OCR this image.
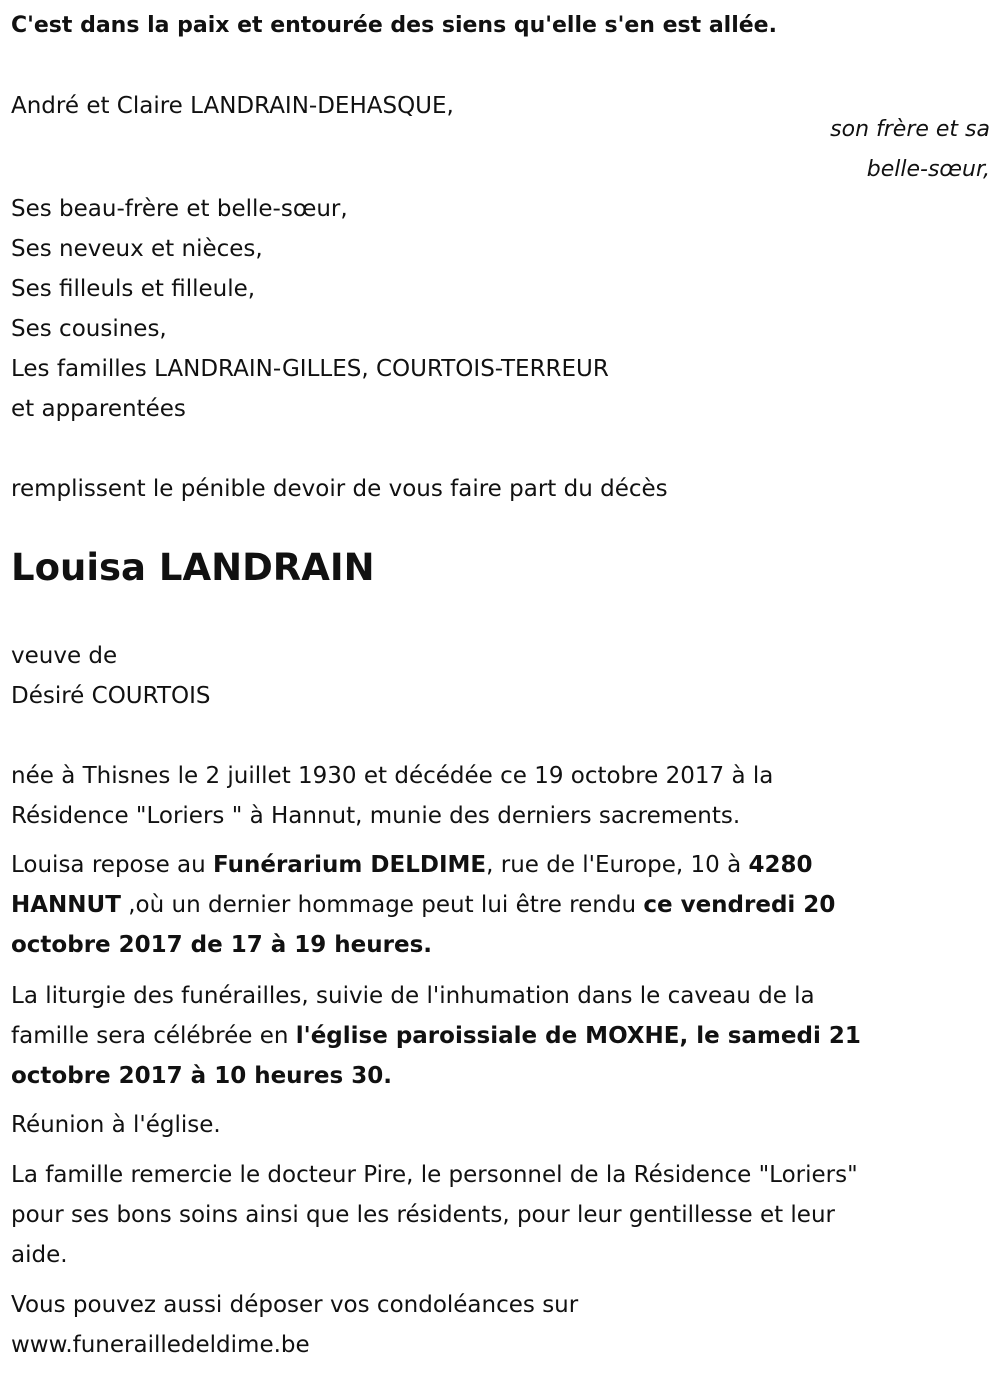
C'est dans la paix et entourée des siens qu'elle s'en est allée.
André et Claire LANDRAIN-DEHASQUE,
son frère et sa
belle-sœur,
Ses beau-frère et belle-sœur,
Ses neveux et nièces,
Ses filleuls et filleule,
Ses cousines,
Les familles LANDRAIN-GILLES, COURTOIS-TERREUR
et apparentées
remplissent le pénible devoir de vous faire part du décès
Louisa LANDRAIN
veuve de
Désiré COURTOIS
née à Thisnes le 2 juillet 1930 et décédée ce 19 octobre 2017 à la
Résidence "Loriers " à Hannut, munie des derniers sacrements.
Louisa repose au Funérarium DELDIME, rue de l'Europe, 10 à 4280
HANNUT ,où un dernier hommage peut lui être rendu ce vendredi 20
octobre 2017 de 17 à 19 heures.
La liturgie des funérailles, suivie de l'inhumation dans le caveau de la
famille sera célébrée en l'église paroissiale de MOXHE, le samedi 21
octobre 2017 à 10 heures 30.
Réunion à l'église.
La famille remercie le docteur Pire, le personnel de la Résidence "Loriers"
pour ses bons soins ainsi que les résidents, pour leur gentillesse et leur
aide.
Vous pouvez aussi déposer vos condoléances sur
www.funerailledeldime.be
